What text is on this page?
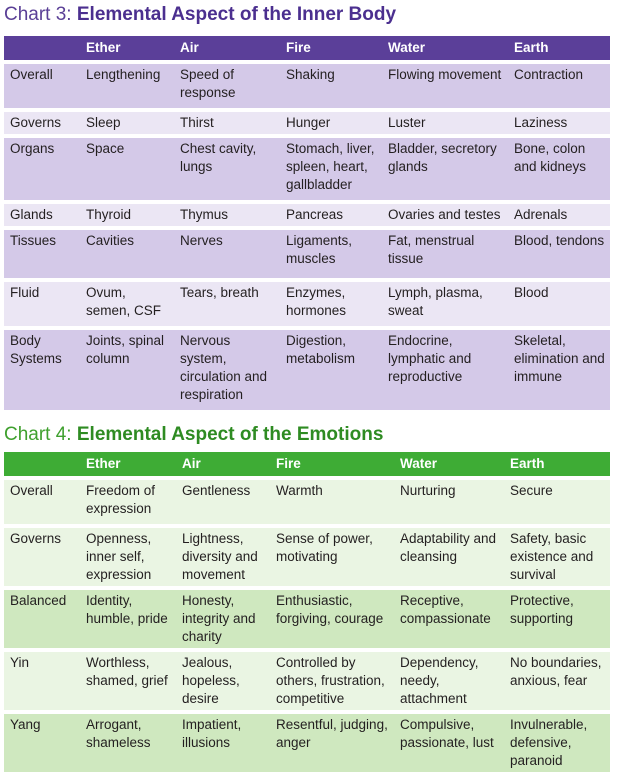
Chart 3: Elemental Aspect of the Inner Body
	Ether	Air	Fire	Water	Earth
Overall	Lengthening	Speed of response	Shaking	Flowing movement	Contraction
Governs	Sleep	Thirst	Hunger	Luster	Laziness
Organs	Space	Chest cavity, lungs	Stomach, liver, spleen, heart, gallbladder	Bladder, secretory glands	Bone, colon and kidneys
Glands	Thyroid	Thymus	Pancreas	Ovaries and testes	Adrenals
Tissues	Cavities	Nerves	Ligaments, muscles	Fat, menstrual tissue	Blood, tendons
Fluid	Ovum, semen, CSF	Tears, breath	Enzymes, hormones	Lymph, plasma, sweat	Blood
Body Systems	Joints, spinal column	Nervous system, circulation and respiration	Digestion, metabolism	Endocrine, lymphatic and reproductive	Skeletal, elimination and immune
Chart 4: Elemental Aspect of the Emotions
	Ether	Air	Fire	Water	Earth
Overall	Freedom of expression	Gentleness	Warmth	Nurturing	Secure
Governs	Openness, inner self, expression	Lightness, diversity and movement	Sense of power, motivating	Adaptability and cleansing	Safety, basic existence and survival
Balanced	Identity, humble, pride	Honesty, integrity and charity	Enthusiastic, forgiving, courage	Receptive, compassionate	Protective, supporting
Yin	Worthless, shamed, grief	Jealous, hopeless, desire	Controlled by others, frustration, competitive	Dependency, needy, attachment	No boundaries, anxious, fear
Yang	Arrogant, shameless	Impatient, illusions	Resentful, judging, anger	Compulsive, passionate, lust	Invulnerable, defensive, paranoid
